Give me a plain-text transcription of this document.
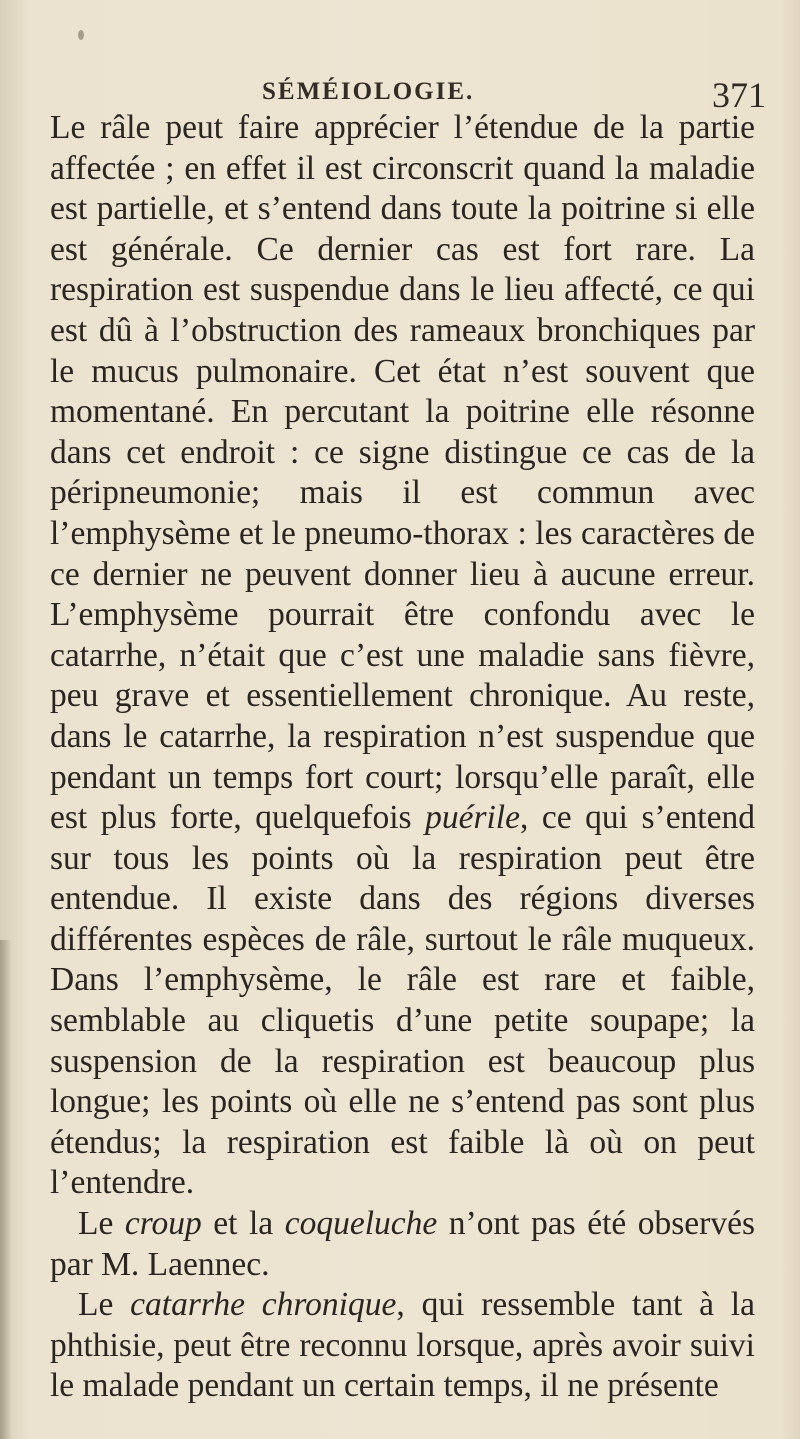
SÉMÉIOLOGIE.	371

Le râle peut faire apprécier l’étendue de la partie affectée ; en effet il est circonscrit quand la maladie est partielle, et s’entend dans toute la poitrine si elle est générale. Ce dernier cas est fort rare. La respiration est suspendue dans le lieu affecté, ce qui est dû à l’obstruction des rameaux bronchiques par le mucus pulmonaire. Cet état n’est souvent que momentané. En percutant la poitrine elle résonne dans cet endroit : ce signe distingue ce cas de la péripneumonie; mais il est commun avec l’emphysème et le pneumo-thorax : les caractères de ce dernier ne peuvent donner lieu à aucune erreur. L’emphysème pourrait être confondu avec le catarrhe, n’était que c’est une maladie sans fièvre, peu grave et essentiellement chronique. Au reste, dans le catarrhe, la respiration n’est suspendue que pendant un temps fort court; lorsqu’elle paraît, elle est plus forte, quelquefois puérile, ce qui s’entend sur tous les points où la respiration peut être entendue. Il existe dans des régions diverses différentes espèces de râle, surtout le râle muqueux. Dans l’emphysème, le râle est rare et faible, semblable au cliquetis d’une petite soupape; la suspension de la respiration est beaucoup plus longue; les points où elle ne s’entend pas sont plus étendus; la respiration est faible là où on peut l’entendre.

Le croup et la coqueluche n’ont pas été observés par M. Laennec.

Le catarrhe chronique, qui ressemble tant à la phthisie, peut être reconnu lorsque, après avoir suivi le malade pendant un certain temps, il ne présente
